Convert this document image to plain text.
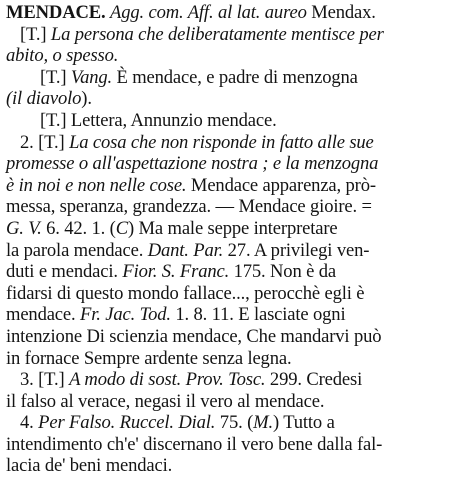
MENDACE. Agg. com. Aff. al lat. aureo Mendax.
[T.] La persona che deliberatamente mentisce per
abito, o spesso.
[T.] Vang. È mendace, e padre di menzogna
(il diavolo).
[T.] Lettera, Annunzio mendace.
2. [T.] La cosa che non risponde in fatto alle sue
promesse o all'aspettazione nostra ; e la menzogna
è in noi e non nelle cose. Mendace apparenza, prò-
messa, speranza, grandezza. — Mendace gioire. =
G. V. 6. 42. 1. (C) Ma male seppe interpretare
la parola mendace. Dant. Par. 27. A privilegi ven-
duti e mendaci. Fior. S. Franc. 175. Non è da
fidarsi di questo mondo fallace..., perocchè egli è
mendace. Fr. Jac. Tod. 1. 8. 11. E lasciate ogni
intenzione Di scienzia mendace, Che mandarvi può
in fornace Sempre ardente senza legna.
3. [T.] A modo di sost. Prov. Tosc. 299. Credesi
il falso al verace, negasi il vero al mendace.
4. Per Falso. Ruccel. Dial. 75. (M.) Tutto a
intendimento ch'e' discernano il vero bene dalla fal-
lacia de' beni mendaci.
